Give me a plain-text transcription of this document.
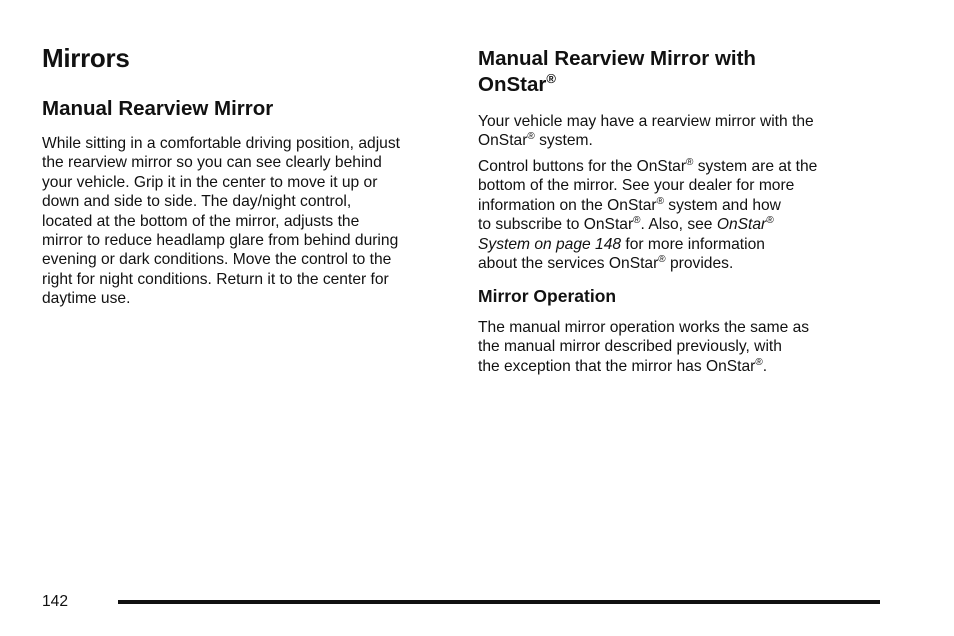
Mirrors
Manual Rearview Mirror

While sitting in a comfortable driving position, adjust
the rearview mirror so you can see clearly behind
your vehicle. Grip it in the center to move it up or
down and side to side. The day/night control,
located at the bottom of the mirror, adjusts the
mirror to reduce headlamp glare from behind during
evening or dark conditions. Move the control to the
right for night conditions. Return it to the center for
daytime use.

Manual Rearview Mirror with
OnStar®

Your vehicle may have a rearview mirror with the
OnStar® system.

Control buttons for the OnStar® system are at the
bottom of the mirror. See your dealer for more
information on the OnStar® system and how
to subscribe to OnStar®. Also, see OnStar®
System on page 148 for more information
about the services OnStar® provides.

Mirror Operation

The manual mirror operation works the same as
the manual mirror described previously, with
the exception that the mirror has OnStar®.

142
